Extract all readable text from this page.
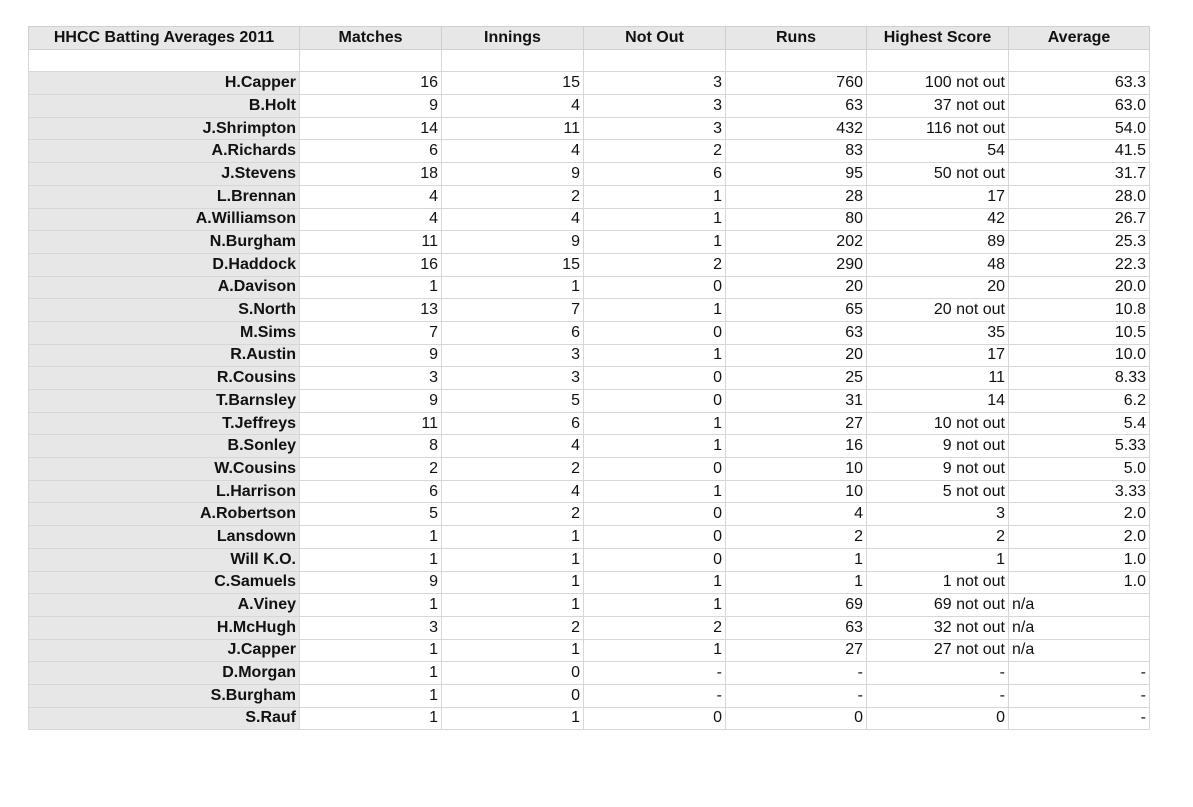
HHCC Batting Averages 2011	Matches	Innings	Not Out	Runs	Highest Score	Average

H.Capper	16	15	3	760	100 not out	63.3
B.Holt	9	4	3	63	37 not out	63.0
J.Shrimpton	14	11	3	432	116 not out	54.0
A.Richards	6	4	2	83	54	41.5
J.Stevens	18	9	6	95	50 not out	31.7
L.Brennan	4	2	1	28	17	28.0
A.Williamson	4	4	1	80	42	26.7
N.Burgham	11	9	1	202	89	25.3
D.Haddock	16	15	2	290	48	22.3
A.Davison	1	1	0	20	20	20.0
S.North	13	7	1	65	20 not out	10.8
M.Sims	7	6	0	63	35	10.5
R.Austin	9	3	1	20	17	10.0
R.Cousins	3	3	0	25	11	8.33
T.Barnsley	9	5	0	31	14	6.2
T.Jeffreys	11	6	1	27	10 not out	5.4
B.Sonley	8	4	1	16	9 not out	5.33
W.Cousins	2	2	0	10	9 not out	5.0
L.Harrison	6	4	1	10	5 not out	3.33
A.Robertson	5	2	0	4	3	2.0
Lansdown	1	1	0	2	2	2.0
Will K.O.	1	1	0	1	1	1.0
C.Samuels	9	1	1	1	1 not out	1.0
A.Viney	1	1	1	69	69 not out	n/a
H.McHugh	3	2	2	63	32 not out	n/a
J.Capper	1	1	1	27	27 not out	n/a
D.Morgan	1	0	-	-	-	-
S.Burgham	1	0	-	-	-	-
S.Rauf	1	1	0	0	0	-
